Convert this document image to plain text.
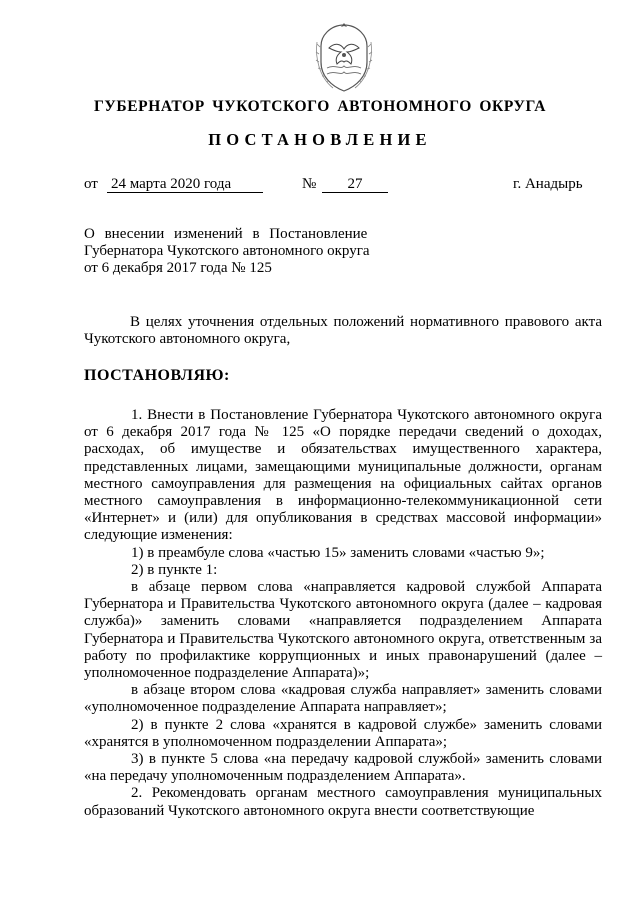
ГУБЕРНАТОР ЧУКОТСКОГО АВТОНОМНОГО ОКРУГА
ПОСТАНОВЛЕНИЕ
от 24 марта 2020 года	№	27	г. Анадырь
О внесении изменений в Постановление
Губернатора Чукотского автономного округа
от 6 декабря 2017 года № 125
В целях уточнения отдельных положений нормативного правового акта Чукотского автономного округа,
ПОСТАНОВЛЯЮ:
1. Внести в Постановление Губернатора Чукотского автономного округа от 6 декабря 2017 года № 125 «О порядке передачи сведений о доходах, расходах, об имуществе и обязательствах имущественного характера, представленных лицами, замещающими муниципальные должности, органам местного самоуправления для размещения на официальных сайтах органов местного самоуправления в информационно-телекоммуникационной сети «Интернет» и (или) для опубликования в средствах массовой информации» следующие изменения:
1) в преамбуле слова «частью 15» заменить словами «частью 9»;
2) в пункте 1:
в абзаце первом слова «направляется кадровой службой Аппарата Губернатора и Правительства Чукотского автономного округа (далее – кадровая служба)» заменить словами «направляется подразделением Аппарата Губернатора и Правительства Чукотского автономного округа, ответственным за работу по профилактике коррупционных и иных правонарушений (далее – уполномоченное подразделение Аппарата)»;
в абзаце втором слова «кадровая служба направляет» заменить словами «уполномоченное подразделение Аппарата направляет»;
2) в пункте 2 слова «хранятся в кадровой службе» заменить словами «хранятся в уполномоченном подразделении Аппарата»;
3) в пункте 5 слова «на передачу кадровой службой» заменить словами «на передачу уполномоченным подразделением Аппарата».
2. Рекомендовать органам местного самоуправления муниципальных образований Чукотского автономного округа внести соответствующие
